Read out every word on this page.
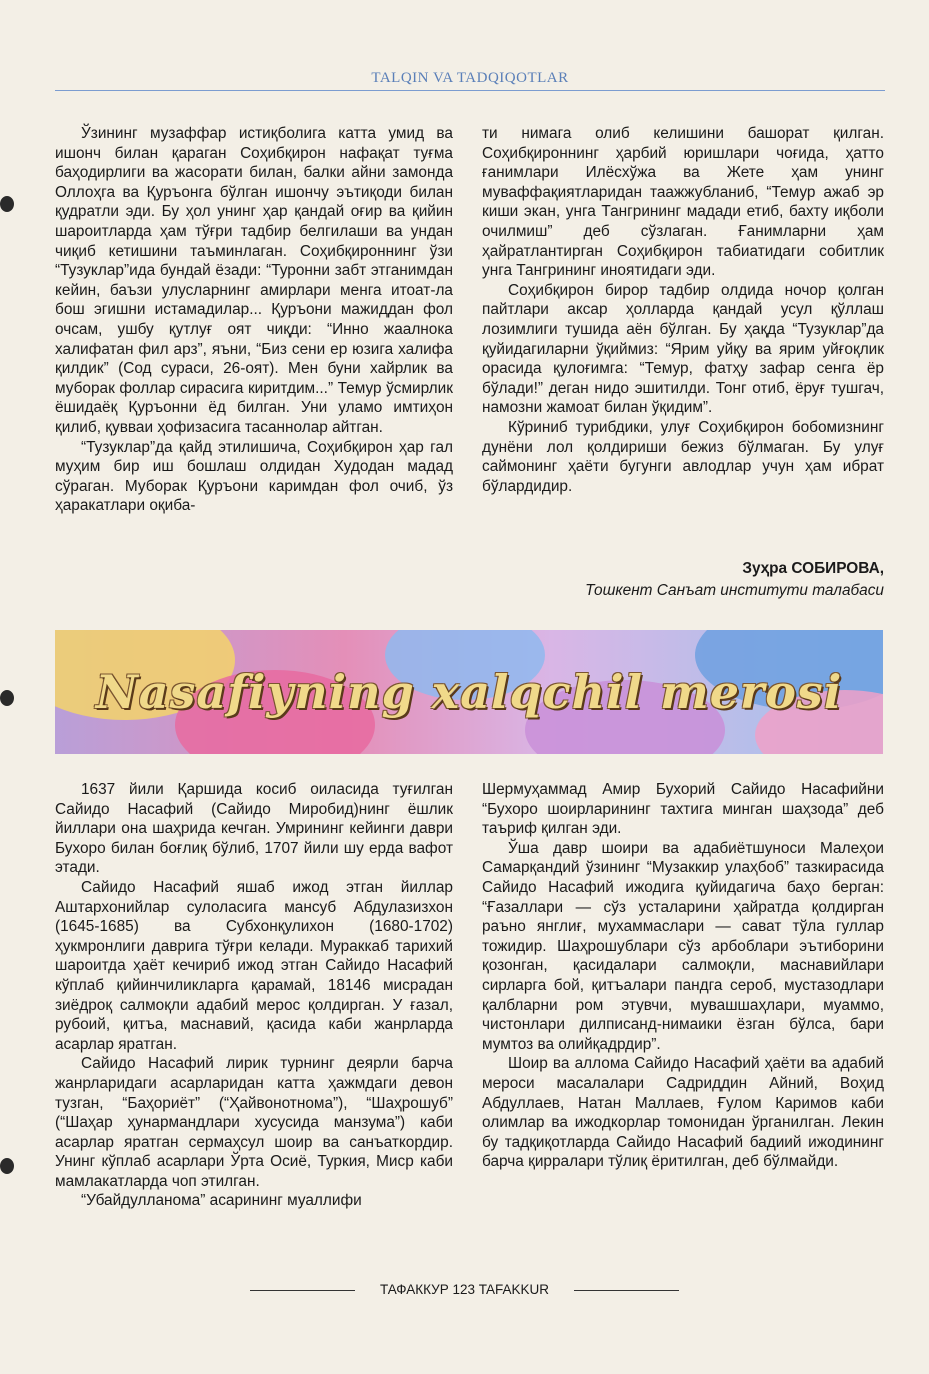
TALQIN VA TADQIQOTLAR

Ўзининг музаффар истиқболига катта умид ва ишонч билан қараган Соҳибқирон нафақат туғма баҳодирлиги ва жасорати билан, балки айни замонда Оллоҳга ва Қуръонга бўлган ишончу эътиқоди билан қудратли эди. Бу ҳол унинг ҳар қандай оғир ва қийин шароитларда ҳам тўғри тадбир белгилаши ва ундан чиқиб кетишини таъминлаган. Соҳибқироннинг ўзи “Тузуклар”ида бундай ёзади: “Туронни забт этганимдан кейин, баъзи улусларнинг амирлари менга итоат-ла бош эгишни истамадилар... Қуръони мажиддан фол очсам, ушбу қутлуғ оят чиқди: “Инно жаалнока халифатан фил арз”, яъни, “Биз сени ер юзига халифа қилдик” (Сод сураси, 26-оят). Мен буни хайрлик ва муборак фоллар сирасига киритдим...” Темур ўсмирлик ёшидаёқ Қуръонни ёд билган. Уни уламо имтиҳон қилиб, қувваи ҳофизасига тасаннолар айтган.

“Тузуклар”да қайд этилишича, Соҳибқирон ҳар гал муҳим бир иш бошлаш олдидан Худодан мадад сўраган. Муборак Қуръони каримдан фол очиб, ўз ҳаракатлари оқиба-

ти нимага олиб келишини башорат қилган. Соҳибқироннинг ҳарбий юришлари чоғида, ҳатто ғанимлари Илёсхўжа ва Жете ҳам унинг муваффақиятларидан таажжубланиб, “Темур ажаб эр киши экан, унга Тангрининг мадади етиб, бахту иқболи очилмиш” деб сўзлаган. Ғанимларни ҳам ҳайратлантирган Соҳибқирон табиатидаги собитлик унга Тангрининг иноятидаги эди.

Соҳибқирон бирор тадбир олдида ночор қолган пайтлари аксар ҳолларда қандай усул қўллаш лозимлиги тушида аён бўлган. Бу ҳақда “Тузуклар”да қуйидагиларни ўқиймиз: “Ярим уйқу ва ярим уйғоқлик орасида қулоғимга: “Темур, фатҳу зафар сенга ёр бўлади!” деган нидо эшитилди. Тонг отиб, ёруғ тушгач, намозни жамоат билан ўқидим”.

Кўриниб турибдики, улуғ Соҳибқирон бобомизнинг дунёни лол қолдириши бежиз бўлмаган. Бу улуғ саймонинг ҳаёти бугунги авлодлар учун ҳам ибрат бўлардидир.

Зуҳра СОБИРОВА,
Тошкент Санъат институти талабаси
Nasafiyning xalqchil merosi

1637 йили Қаршида косиб оиласида туғилган Сайидо Насафий (Сайидо Миробид)нинг ёшлик йиллари она шаҳрида кечган. Умрининг кейинги даври Бухоро билан боғлиқ бўлиб, 1707 йили шу ерда вафот этади.

Сайидо Насафий яшаб ижод этган йиллар Аштархонийлар сулоласига мансуб Абдулазизхон (1645-1685) ва Субхонқулихон (1680-1702) ҳукмронлиги даврига тўғри келади. Мураккаб тарихий шароитда ҳаёт кечириб ижод этган Сайидо Насафий кўплаб қийинчиликларга қарамай, 18146 мисрадан зиёдроқ салмоқли адабий мерос қолдирган. У ғазал, рубоий, қитъа, маснавий, қасида каби жанрларда асарлар яратган.

Сайидо Насафий лирик турнинг деярли барча жанрларидаги асарларидан катта ҳажмдаги девон тузган, “Баҳориёт” (“Ҳайвонотнома”), “Шаҳрошуб” (“Шаҳар ҳунармандлари хусусида манзума”) каби асарлар яратган сермаҳсул шоир ва санъаткордир. Унинг кўплаб асарлари Ўрта Осиё, Туркия, Миср каби мамлакатларда чоп этилган.

“Убайдулланома” асарининг муаллифи

Шермуҳаммад Амир Бухорий Сайидо Насафийни “Бухоро шоирларининг тахтига минган шаҳзода” деб таъриф қилган эди.

Ўша давр шоири ва адабиётшуноси Малеҳои Самарқандий ўзининг “Музаккир улаҳбоб” тазкирасида Сайидо Насафий ижодига қуйидагича баҳо берган: “Ғазаллари — сўз усталарини ҳайратда қолдирган раъно янглиғ, мухаммаслари — сават тўла гуллар тожидир. Шаҳрошублари сўз арбоблари эътиборини қозонган, қасидалари салмоқли, маснавийлари сирларга бой, қитъалари пандга сероб, мустазодлари қалбларни ром этувчи, мувашшаҳлари, муаммо, чистонлари дилписанд-нимаики ёзган бўлса, бари мумтоз ва олийқадрдир”.

Шоир ва аллома Сайидо Насафий ҳаёти ва адабий мероси масалалари Садриддин Айний, Воҳид Абдуллаев, Натан Маллаев, Ғулом Каримов каби олимлар ва ижодкорлар томонидан ўрганилган. Лекин бу тадқиқотларда Сайидо Насафий бадиий ижодининг барча қирралари тўлиқ ёритилган, деб бўлмайди.

ТАФАККУР 123 TAFAKKUR
